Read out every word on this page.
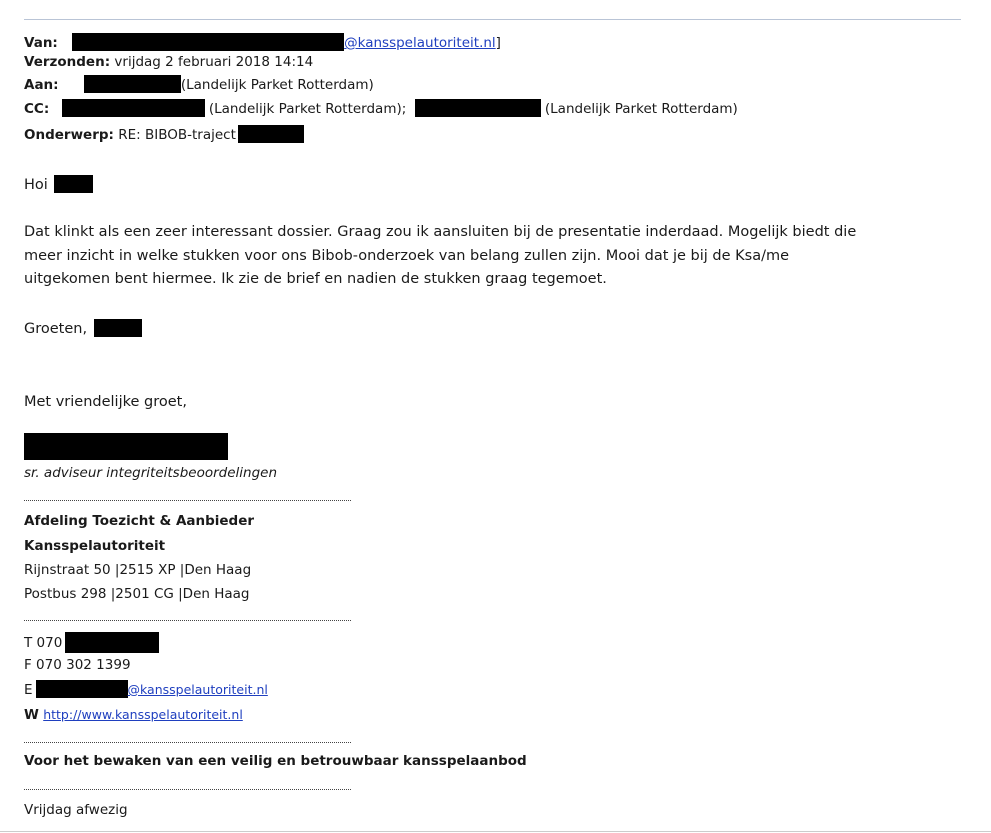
Van:	@kansspelautoriteit.nl]
Verzonden: vrijdag 2 februari 2018 14:14
Aan:	(Landelijk Parket Rotterdam)
CC:	(Landelijk Parket Rotterdam);	(Landelijk Parket Rotterdam)
Onderwerp: RE: BIBOB-traject
Hoi
Dat klinkt als een zeer interessant dossier. Graag zou ik aansluiten bij de presentatie inderdaad. Mogelijk biedt die
meer inzicht in welke stukken voor ons Bibob-onderzoek van belang zullen zijn. Mooi dat je bij de Ksa/me
uitgekomen bent hiermee. Ik zie de brief en nadien de stukken graag tegemoet.
Groeten,
Met vriendelijke groet,
sr. adviseur integriteitsbeoordelingen
Afdeling Toezicht & Aanbieder
Kansspelautoriteit
Rijnstraat 50 |2515 XP |Den Haag
Postbus 298 |2501 CG |Den Haag
T 070
F 070 302 1399
E	@kansspelautoriteit.nl
W http://www.kansspelautoriteit.nl
Voor het bewaken van een veilig en betrouwbaar kansspelaanbod
Vrijdag afwezig
